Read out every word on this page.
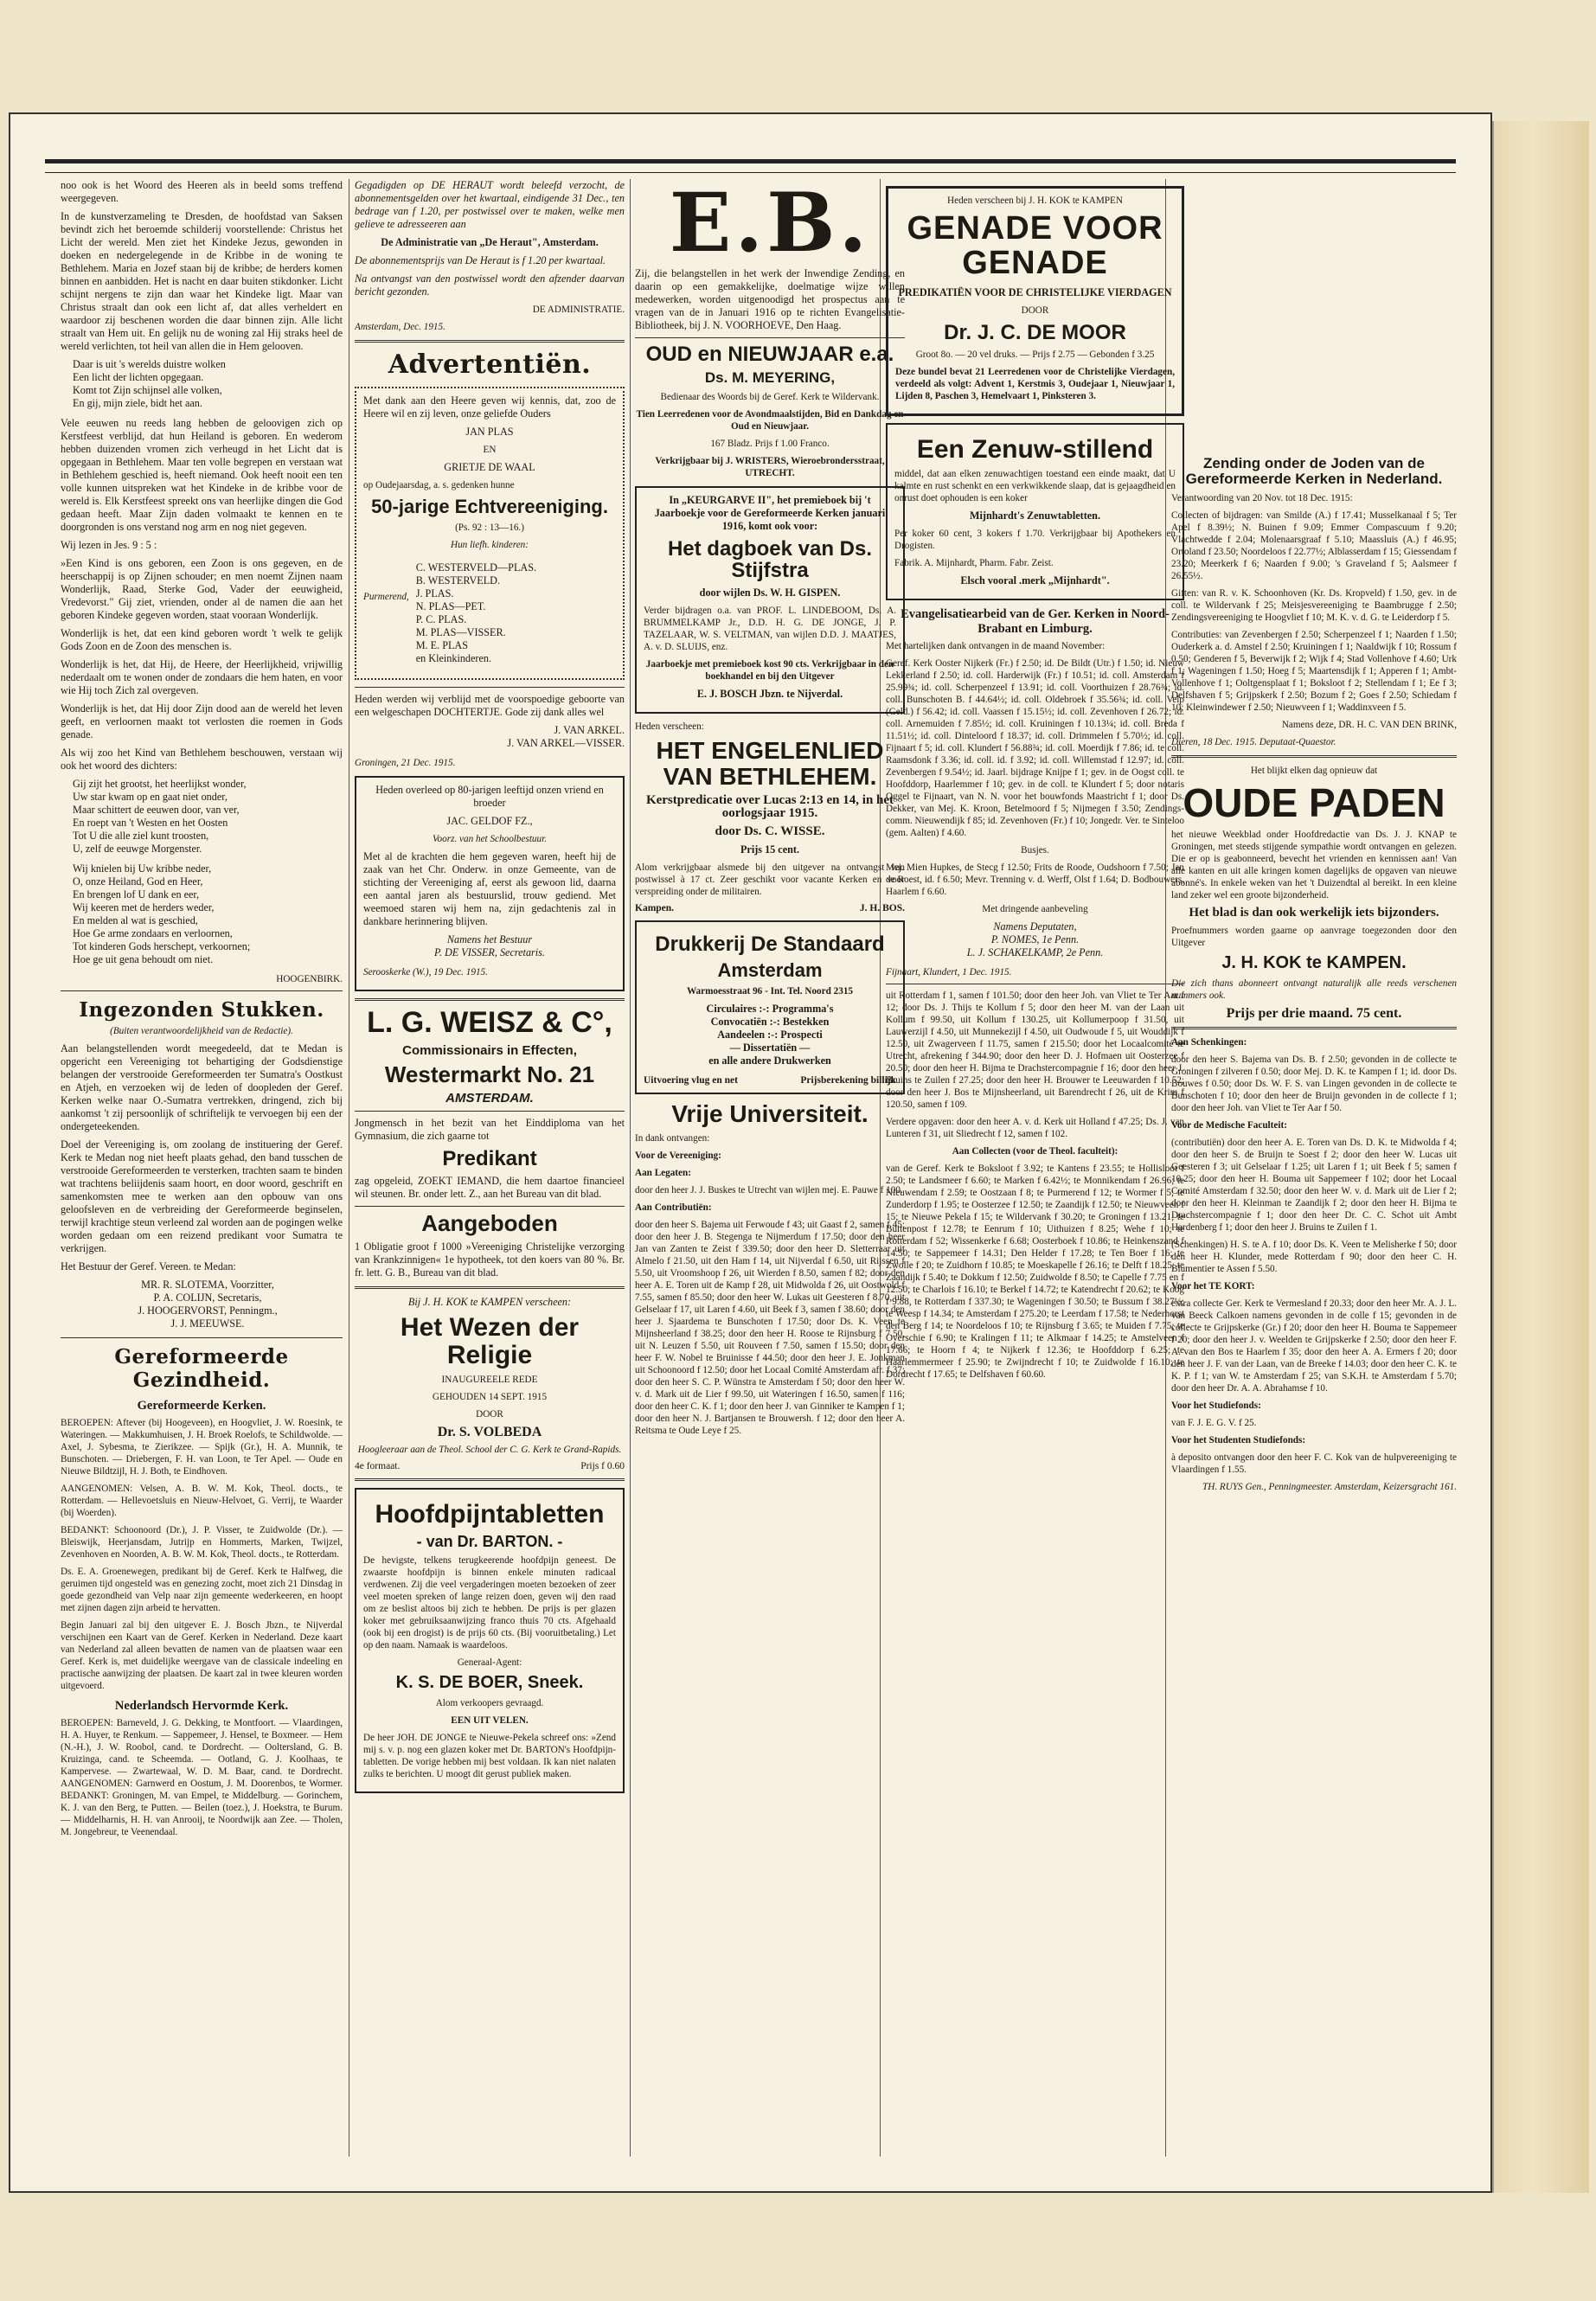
noo ook is het Woord des Heeren als in beeld soms treffend weergegeven.

In de kunstverzameling te Dresden, de hoofdstad van Saksen bevindt zich het beroemde schilderij voorstellende: Christus het Licht der wereld. Men ziet het Kindeke Jezus, gewonden in doeken en nedergelegende in de Kribbe in de woning te Bethlehem. Maria en Jozef staan bij de kribbe; de herders komen binnen en aanbidden. Het is nacht en daar buiten stikdonker. Licht schijnt nergens te zijn dan waar het Kindeke ligt. Maar van Christus straalt dan ook een licht af, dat alles verheldert en waardoor zij beschenen worden die daar binnen zijn. Alle licht straalt van Hem uit. En gelijk nu de woning zal Hij straks heel de wereld verlichten, tot heil van allen die in Hem gelooven.

Daar is uit 's werelds duistre wolken
Een licht der lichten opgegaan.
Komt tot Zijn schijnsel alle volken,
En gij, mijn ziele, bidt het aan.

Vele eeuwen nu reeds lang hebben de geloovigen zich op Kerstfeest verblijd, dat hun Heiland is geboren. En wederom hebben duizenden vromen zich verheugd in het Licht dat is opgegaan in Bethlehem. Maar ten volle begrepen en verstaan wat in Bethlehem geschied is, heeft niemand. Ook heeft nooit een ten volle kunnen uitspreken wat het Kindeke in de kribbe voor de wereld is. Elk Kerstfeest spreekt ons van heerlijke dingen die God gedaan heeft. Maar Zijn daden volmaakt te kennen en te doorgronden is ons verstand nog arm en nog niet gegeven.

Wij lezen in Jes. 9 : 5 :

»Een Kind is ons geboren, een Zoon is ons gegeven, en de heerschappij is op Zijnen schouder; en men noemt Zijnen naam Wonderlijk, Raad, Sterke God, Vader der eeuwigheid, Vredevorst." Gij ziet, vrienden, onder al de namen die aan het geboren Kindeke gegeven worden, staat vooraan Wonderlijk.

Wonderlijk is het, dat een kind geboren wordt 't welk te gelijk Gods Zoon en de Zoon des menschen is.

Wonderlijk is het, dat Hij, de Heere, der Heerlijkheid, vrijwillig nederdaalt om te wonen onder de zondaars die hem haten, en voor wie Hij toch Zich zal overgeven.

Wonderlijk is het, dat Hij door Zijn dood aan de wereld het leven geeft, en verloornen maakt tot verlosten die roemen in Gods genade.

Als wij zoo het Kind van Bethlehem beschouwen, verstaan wij ook het woord des dichters:

Gij zijt het grootst, het heerlijkst wonder,
Uw star kwam op en gaat niet onder,
Maar schittert de eeuwen door, van ver,
En roept van 't Westen en het Oosten
Tot U die alle ziel kunt troosten,
U, zelf de eeuwge Morgenster.
Wij knielen bij Uw kribbe neder,
O, onze Heiland, God en Heer,
En brengen lof U dank en eer,
Wij keeren met de herders weder,
En melden al wat is geschied,
Hoe Ge arme zondaars en verloornen,
Tot kinderen Gods herschept, verkoornen;
Hoe ge uit gena behoudt om niet.

HOOGENBIRK.

Ingezonden Stukken.

(Buiten verantwoordelijkheid van de Redactie).

Aan belangstellenden wordt meegedeeld, dat te Medan is opgericht een Vereeniging tot behartiging der Godsdienstige belangen der verstrooide Gereformeerden ter Sumatra's Oostkust en Atjeh, en verzoeken wij de leden of doopleden der Geref. Kerken welke naar O.-Sumatra vertrekken, dringend, zich bij aankomst 't zij persoonlijk of schriftelijk te vervoegen bij een der ondergeteekenden.

Doel der Vereeniging is, om zoolang de instituering der Geref. Kerk te Medan nog niet heeft plaats gehad, den band tusschen de verstrooide Gereformeerden te versterken, trachten saam te binden wat trachtens beliijdenis saam hoort, en door woord, geschrift en samenkomsten mee te werken aan den opbouw van ons geloofsleven en de verbreiding der Gereformeerde beginselen, terwijl krachtige steun verleend zal worden aan de pogingen welke worden gedaan om een reizend predikant voor Sumatra te verkrijgen.

Het Bestuur der Geref. Vereen. te Medan:

MR. R. SLOTEMA, Voorzitter,
P. A. COLIJN, Secretaris,
J. HOOGERVORST, Penningm.,
J. J. MEEUWSE.
Gereformeerde Gezindheid.
Gereformeerde Kerken.

BEROEPEN: Aftever (bij Hoogeveen), en Hoogvliet, J. W. Roesink, te Wateringen. — Makkumhuisen, J. H. Broek Roelofs, te Schildwolde. — Axel, J. Sybesma, te Zierikzee. — Spijk (Gr.), H. A. Munnik, te Bunschoten. — Driebergen, F. H. van Loon, te Ter Apel. — Oude en Nieuwe Bildtzijl, H. J. Both, te Eindhoven.

AANGENOMEN: Velsen, A. B. W. M. Kok, Theol. docts., te Rotterdam. — Hellevoetsluis en Nieuw-Helvoet, G. Verrij, te Waarder (bij Woerden).

BEDANKT: Schoonoord (Dr.), J. P. Visser, te Zuidwolde (Dr.). — Bleiswijk, Heerjansdam, Jutrijp en Hommerts, Marken, Twijzel, Zevenhoven en Noorden, A. B. W. M. Kok, Theol. docts., te Rotterdam.

Ds. E. A. Groenewegen, predikant bij de Geref. Kerk te Halfweg, die geruimen tijd ongesteld was en genezing zocht, moet zich 21 Dinsdag in goede gezondheid van Velp naar zijn gemeente wederkeeren, en hoopt met zijnen dagen zijn arbeid te hervatten.

Begin Januari zal bij den uitgever E. J. Bosch Jbzn., te Nijverdal verschijnen een Kaart van de Geref. Kerken in Nederland. Deze kaart van Nederland zal alleen bevatten de namen van de plaatsen waar een Geref. Kerk is, met duidelijke weergave van de classicale indeeling en practische aanwijzing der plaatsen. De kaart zal in twee kleuren worden uitgevoerd.

Nederlandsch Hervormde Kerk.

BEROEPEN: Barneveld, J. G. Dekking, te Montfoort. — Vlaardingen, H. A. Huyer, te Renkum. — Sappemeer, J. Hensel, te Boxmeer. — Hem (N.-H.), J. W. Roobol, cand. te Dordrecht. — Ooltersland, G. B. Kruizinga, cand. te Scheemda. — Ootland, G. J. Koolhaas, te Kampervese. — Zwartewaal, W. D. M. Baar, cand. te Dordrecht. AANGENOMEN: Garnwerd en Oostum, J. M. Doorenbos, te Wormer. BEDANKT: Groningen, M. van Empel, te Middelburg. — Gorinchem, K. J. van den Berg, te Putten. — Beilen (toez.), J. Hoekstra, te Burum. — Middelharnis, H. H. van Anrooij, te Noordwijk aan Zee. — Tholen, M. Jongebreur, te Veenendaal.

Gegadigden op DE HERAUT wordt beleefd verzocht, de abonnementsgelden over het kwartaal, eindigende 31 Dec., ten bedrage van f 1.20, per postwissel over te maken, welke men gelieve te adresseeren aan

De Administratie van „De Heraut", Amsterdam.

De abonnementsprijs van De Heraut is f 1.20 per kwartaal.

Na ontvangst van den postwissel wordt den afzender daarvan bericht gezonden.

DE ADMINISTRATIE.

Amsterdam, Dec. 1915.

Advertentiën.

Met dank aan den Heere geven wij kennis, dat, zoo de Heere wil en zij leven, onze geliefde Ouders

JAN PLAS

EN

GRIETJE DE WAAL

op Oudejaarsdag, a. s. gedenken hunne

50-jarige Echtvereeniging.

(Ps. 92 : 13—16.)

Hun liefh. kinderen:

Purmerend,
C. WESTERVELD—PLAS.
B. WESTERVELD.
J. PLAS.
N. PLAS—PET.
P. C. PLAS.
M. PLAS—VISSER.
M. E. PLAS
en Kleinkinderen.

Heden werden wij verblijd met de voorspoedige geboorte van een welgeschapen DOCHTERTJE. Gode zij dank alles wel

J. VAN ARKEL.
J. VAN ARKEL—VISSER.

Groningen, 21 Dec. 1915.

Heden overleed op 80-jarigen leeftijd onzen vriend en broeder

JAC. GELDOF FZ.,

Voorz. van het Schoolbestuur.

Met al de krachten die hem gegeven waren, heeft hij de zaak van het Chr. Onderw. in onze Gemeente, van de stichting der Vereeniging af, eerst als gewoon lid, daarna een aantal jaren als bestuurslid, trouw gediend. Met weemoed staren wij hem na, zijn gedachtenis zal in dankbare herinnering blijven.

Namens het Bestuur
P. DE VISSER, Secretaris.

Serooskerke (W.), 19 Dec. 1915.

L. G. WEISZ & C°,
Commissionairs in Effecten,
Westermarkt No. 21
AMSTERDAM.

Jongmensch in het bezit van het Einddiploma van het Gymnasium, die zich gaarne tot

Predikant

zag opgeleid, ZOEKT IEMAND, die hem daartoe financieel wil steunen. Br. onder lett. Z., aan het Bureau van dit blad.

Aangeboden

1 Obligatie groot f 1000 »Vereeniging Christelijke verzorging van Krankzinnigen« 1e hypotheek, tot den koers van 80 %. Br. fr. lett. G. B., Bureau van dit blad.

Bij J. H. KOK te KAMPEN verscheen:

Het Wezen der Religie

INAUGUREELE REDE

GEHOUDEN 14 SEPT. 1915

DOOR

Dr. S. VOLBEDA

Hoogleeraar aan de Theol. School der C. G. Kerk te Grand-Rapids.

4e formaat.	Prijs f 0.60
Hoofdpijntabletten
- van Dr. BARTON. -

De hevigste, telkens terugkeerende hoofdpijn geneest. De zwaarste hoofdpijn is binnen enkele minuten radicaal verdwenen. Zij die veel vergaderingen moeten bezoeken of zeer veel moeten spreken of lange reizen doen, geven wij den raad om ze beslist altoos bij zich te hebben. De prijs is per glazen koker met gebruiksaanwijzing franco thuis 70 cts. Afgehaald (ook bij een drogist) is de prijs 60 cts. (Bij vooruitbetaling.) Let op den naam. Namaak is waardeloos.

Generaal-Agent:

K. S. DE BOER, Sneek.

Alom verkoopers gevraagd.

EEN UIT VELEN.

De heer JOH. DE JONGE te Nieuwe-Pekela schreef ons: »Zend mij s. v. p. nog een glazen koker met Dr. BARTON's Hoofdpijn-tabletten. De vorige hebben mij best voldaan. Ik kan niet nalaten zulks te berichten. U moogt dit gerust publiek maken.

E.B.

Zij, die belangstellen in het werk der Inwendige Zending, en daarin op een gemakkelijke, doelmatige wijze willen medewerken, worden uitgenoodigd het prospectus aan te vragen van de in Januari 1916 op te richten Evangelisatie-Bibliotheek, bij J. N. VOORHOEVE, Den Haag.

OUD en NIEUWJAAR e.a.
Ds. M. MEYERING,

Bedienaar des Woords bij de Geref. Kerk te Wildervank.

Tien Leerredenen voor de Avondmaalstijden, Bid en Dankdag en Oud en Nieuwjaar.

167 Bladz. Prijs f 1.00 Franco.

Verkrijgbaar bij J. WRISTERS, Wieroebrondersstraat, UTRECHT.

In „KEURGARVE II", het premieboek bij 't Jaarboekje voor de Gereformeerde Kerken januari 1916, komt ook voor:

Het dagboek van Ds. Stijfstra

door wijlen Ds. W. H. GISPEN.

Verder bijdragen o.a. van PROF. L. LINDEBOOM, Ds. A. BRUMMELKAMP Jr., D.D. H. G. DE JONGE, J. P. TAZELAAR, W. S. VELTMAN, van wijlen D.D. J. MAATJES, A. v. D. SLUIJS, enz.

Jaarboekje met premieboek kost 90 cts. Verkrijgbaar in den boekhandel en bij den Uitgever

E. J. BOSCH Jbzn. te Nijverdal.

Heden verscheen:

HET ENGELENLIED VAN BETHLEHEM.

Kerstpredicatie over Lucas 2:13 en 14, in het oorlogsjaar 1915.

door Ds. C. WISSE.

Prijs 15 cent.

Alom verkrijgbaar alsmede bij den uitgever na ontvangst van postwissel à 17 ct. Zeer geschikt voor vacante Kerken en voor verspreiding onder de militairen.

Kampen.	J. H. BOS.
Drukkerij De Standaard
Amsterdam

Warmoesstraat 96 - Int. Tel. Noord 2315

Circulaires :-: Programma's
Convocatiën :-: Bestekken
Aandeelen :-: Prospecti
— Dissertatiën —
en alle andere Drukwerken
Uitvoering vlug en net	Prijsberekening billijk
Vrije Universiteit.

In dank ontvangen:

Voor de Vereeniging:

Aan Legaten:

door den heer J. J. Buskes te Utrecht van wijlen mej. E. Pauwe f 100.

Aan Contributiën:

door den heer S. Bajema uit Ferwoude f 43; uit Gaast f 2, samen f 45; door den heer J. B. Stegenga te Nijmerdum f 17.50; door den heer Jan van Zanten te Zeist f 339.50; door den heer D. Sletterraar uit Almelo f 21.50, uit den Ham f 14, uit Nijverdal f 6.50, uit Rijssen f 5.50, uit Vroomshoop f 26, uit Wierden f 8.50, samen f 82; door den heer A. E. Toren uit de Kamp f 28, uit Midwolda f 26, uit Oostwold f 7.55, samen f 85.50; door den heer W. Lukas uit Geesteren f 8.70, uit Gelselaar f 17, uit Laren f 4.60, uit Beek f 3, samen f 38.60; door den heer J. Sjaardema te Bunschoten f 17.50; door Ds. K. Veen te Mijnsheerland f 38.25; door den heer H. Roose te Rijnsburg f 7.50, uit N. Leuzen f 5.50, uit Rouveen f 7.50, samen f 15.50; door den heer F. W. Nobel te Bruinisse f 44.50; door den heer J. E. Jonkman uit Schoonoord f 12.50; door het Locaal Comité Amsterdam afr. f 37; door den heer S. C. P. Wünstra te Amsterdam f 50; door den heer W. v. d. Mark uit de Lier f 99.50, uit Wateringen f 16.50, samen f 116; door den heer C. K. f 1; door den heer J. van Ginniker te Kampen f 1; door den heer N. J. Bartjansen te Brouwersh. f 12; door den heer A. Reitsma te Oude Leye f 25.

Heden verscheen bij J. H. KOK te KAMPEN

GENADE VOOR GENADE

PREDIKATIËN VOOR DE CHRISTELIJKE VIERDAGEN

DOOR

Dr. J. C. DE MOOR

Groot 8o. — 20 vel druks. — Prijs f 2.75 — Gebonden f 3.25

Deze bundel bevat 21 Leerredenen voor de Christelijke Vierdagen, verdeeld als volgt: Advent 1, Kerstmis 3, Oudejaar 1, Nieuwjaar 1, Lijden 8, Paschen 3, Hemelvaart 1, Pinksteren 3.

Een Zenuw-stillend

middel, dat aan elken zenuwachtigen toestand een einde maakt, dat U kalmte en rust schenkt en een verkwikkende slaap, dat is gejaagdheid en onrust doet ophouden is een koker

Mijnhardt's Zenuwtabletten.

Per koker 60 cent, 3 kokers f 1.70. Verkrijgbaar bij Apothekers en Drogisten.

Fabrik. A. Mijnhardt, Pharm. Fabr. Zeist.

Elsch vooral .merk „Mijnhardt".

Evangelisatiearbeid van de Ger. Kerken in Noord-Brabant en Limburg.

Met hartelijken dank ontvangen in de maand November:

Geref. Kerk Ooster Nijkerk (Fr.) f 2.50; id. De Bildt (Utr.) f 1.50; id. Nieuw Lekkerland f 2.50; id. coll. Harderwijk (Fr.) f 10.51; id. coll. Amsterdam f 25.99¾; id. coll. Scherpenzeel f 13.91; id. coll. Voorthuizen f 28.76¾; id. coll. Bunschoten B. f 44.64½; id. coll. Oldebroek f 35.56¾; id. coll. Velp (Geld.) f 56.42; id. coll. Vaassen f 15.15½; id. coll. Zevenhoven f 26.72; id. coll. Arnemuiden f 7.85½; id. coll. Kruiningen f 10.13¼; id. coll. Breda f 11.51½; id. coll. Dinteloord f 18.37; id. coll. Drimmelen f 5.70½; id. coll. Fijnaart f 5; id. coll. Klundert f 56.88¾; id. coll. Moerdijk f 7.86; id. te coll. Raamsdonk f 3.36; id. coll. id. f 3.92; id. coll. Willemstad f 12.97; id. coll. Zevenbergen f 9.54½; id. Jaarl. bijdrage Knijpe f 1; gev. in de Oogst coll. te Hoofddorp, Haarlemmer f 10; gev. in de coll. te Klundert f 5; door notaris Oggel te Fijnaart, van N. N. voor het bouwfonds Maastricht f 1; door Ds. Dekker, van Mej. K. Kroon, Betelmoord f 5; Nijmegen f 3.50; Zendings-comm. Nieuwendijk f 85; id. Zevenhoven (Fr.) f 10; Jongedr. Ver. te Sinteloo (gem. Aalten) f 4.60.

Busjes.

Mej. Mien Hupkes, de Stecg f 12.50; Frits de Roode, Oudshoorn f 7.50; Jan de Roest, id. f 6.50; Mevr. Trenning v. d. Werff, Olst f 1.64; D. Bodbouwers, Haarlem f 6.60.

Met dringende aanbeveling

Namens Deputaten,
P. NOMES, 1e Penn.
L. J. SCHAKELKAMP, 2e Penn.

Fijnaart, Klundert, 1 Dec. 1915.

uit Rotterdam f 1, samen f 101.50; door den heer Joh. van Vliet te Ter Aar f 12; door Ds. J. Thijs te Kollum f 5; door den heer M. van der Laan uit Kollum f 99.50, uit Kollum f 130.25, uit Kollumerpoop f 31.50, uit Lauwerzijl f 4.50, uit Munnekezijl f 4.50, uit Oudwoude f 5, uit Wouddijk f 12.50, uit Zwagerveen f 11.75, samen f 215.50; door het Locaalcomité te Utrecht, afrekening f 344.90; door den heer D. J. Hofmaen uit Oosterzee f 20.50; door den heer H. Bijma te Drachstercompagnie f 16; door den heer J. Bruins te Zuilen f 27.25; door den heer H. Brouwer te Leeuwarden f 10.52; door den heer J. Bos te Mijnsheerland, uit Barendrecht f 26, uit de Krim f 120.50, samen f 109.

Verdere opgaven: door den heer A. v. d. Kerk uit Holland f 47.25; Ds. J. van Lunteren f 31, uit Sliedrecht f 12, samen f 102.

Aan Collecten (voor de Theol. faculteit):

van de Geref. Kerk te Boksloot f 3.92; te Kantens f 23.55; te Hollisloot f 2.50; te Landsmeer f 6.60; te Marken f 6.42½; te Monnikendam f 26.96; te Nieuwendam f 2.59; te Oostzaan f 8; te Purmerend f 12; te Wormer f 5; te Zunderdorp f 1.95; te Oosterzee f 12.50; te Zaandijk f 12.50; te Nieuwveen f 15; te Nieuwe Pekela f 15; te Wildervank f 30.20; te Groningen f 13.21; te Buitenpost f 12.78; te Eenrum f 10; Uithuizen f 8.25; Wehe f 10; te Rotterdam f 52; Wissenkerke f 6.68; Oosterboek f 10.86; te Heinkenszand f 14.50; te Sappemeer f 14.31; Den Helder f 17.28; te Ten Boer f 16; te Zwolle f 20; te Zuidhorn f 10.85; te Moeskapelle f 26.16; te Delft f 18.25; te Zaandijk f 5.40; te Dokkum f 12.50; Zuidwolde f 8.50; te Capelle f 7.75 en f 12.50; te Charlois f 16.10; te Berkel f 14.72; te Katendrecht f 20.62; te Koog f 9.88, te Rotterdam f 337.30; te Wageningen f 30.50; te Bussum f 38.27½; te Weesp f 14.34; te Amsterdam f 275.20; te Leerdam f 17.58; te Nederhorst den Berg f 14; te Noordeloos f 10; te Rijnsburg f 3.65; te Muiden f 7.75; te Overschie f 6.90; te Kralingen f 11; te Alkmaar f 14.25; te Amstelveen f 17.66; te Hoorn f 4; te Nijkerk f 12.36; te Hoofddorp f 6.25; te Haarlemmermeer f 25.90; te Zwijndrecht f 10; te Zuidwolde f 16.10; te Dordrecht f 17.65; te Delfshaven f 60.60.

Zending onder de Joden van de Gereformeerde Kerken in Nederland.

Verantwoording van 20 Nov. tot 18 Dec. 1915:

Collecten of bijdragen: van Smilde (A.) f 17.41; Musselkanaal f 5; Ter Apel f 8.39½; N. Buinen f 9.09; Emmer Compascuum f 9.20; Vlachtwedde f 2.04; Molenaarsgraaf f 5.10; Maassluis (A.) f 46.95; Ortoland f 23.50; Noordeloos f 22.77½; Alblasserdam f 15; Giessendam f 23.20; Meerkerk f 6; Naarden f 9.00; 's Graveland f 5; Aalsmeer f 26.55½.

Giften: van R. v. K. Schoonhoven (Kr. Ds. Kropveld) f 1.50, gev. in de coll. te Wildervank f 25; Meisjesvereeniging te Baambrugge f 2.50; Zendingsvereeniging te Hoogvliet f 10; M. K. v. d. G. te Leiderdorp f 5.

Contributies: van Zevenbergen f 2.50; Scherpenzeel f 1; Naarden f 1.50; Ouderkerk a. d. Amstel f 2.50; Kruiningen f 1; Naaldwijk f 10; Rossum f 0.50; Genderen f 5, Beverwijk f 2; Wijk f 4; Stad Vollenhove f 4.60; Urk f 1; Wageningen f 1.50; Hoeg f 5; Maartensdijk f 1; Apperen f 1; Ambt-Vollenhove f 1; Ooltgensplaat f 1; Boksloot f 2; Stellendam f 1; Ee f 3; Delfshaven f 5; Grijpskerk f 2.50; Bozum f 2; Goes f 2.50; Schiedam f 10; Kleinwindewer f 2.50; Nieuwveen f 1; Waddinxveen f 5.

Namens deze, DR. H. C. VAN DEN BRINK,

Dieren, 18 Dec. 1915. Deputaat-Quaestor.

Het blijkt elken dag opnieuw dat

OUDE PADEN

het nieuwe Weekblad onder Hoofdredactie van Ds. J. J. KNAP te Groningen, met steeds stijgende sympathie wordt ontvangen en gelezen. Die er op is geabonneerd, bevecht het vrienden en kennissen aan! Van alle kanten en uit alle kringen komen dagelijks de opgaven van nieuwe abonné's. In enkele weken van het 't Duizendtal al bereikt. In een kleine land zeker wel een groote bijzonderheid.

Het blad is dan ook werkelijk iets bijzonders.

Proefnummers worden gaarne op aanvrage toegezonden door den Uitgever

J. H. KOK te KAMPEN.

Die zich thans abonneert ontvangt naturalijk alle reeds verschenen nummers ook.

Prijs per drie maand. 75 cent.

Aan Schenkingen:

door den heer S. Bajema van Ds. B. f 2.50; gevonden in de collecte te Groningen f zilveren f 0.50; door Mej. D. K. te Kampen f 1; id. door Ds. Bouwes f 0.50; door Ds. W. F. S. van Lingen gevonden in de collecte te Bunschoten f 10; door den heer de Bruijn gevonden in de collecte f 1; door den heer Joh. van Vliet te Ter Aar f 50.

Voor de Medische Faculteit:

(contributiën) door den heer A. E. Toren van Ds. D. K. te Midwolda f 4; door den heer S. de Bruijn te Soest f 2; door den heer W. Lucas uit Geesteren f 3; uit Gelselaar f 1.25; uit Laren f 1; uit Beek f 5; samen f 10.25; door den heer H. Bouma uit Sappemeer f 102; door het Locaal Comité Amsterdam f 32.50; door den heer W. v. d. Mark uit de Lier f 2; door den heer H. Kleinman te Zaandijk f 2; door den heer H. Bijma te Drachstercompagnie f 1; door den heer Dr. C. C. Schot uit Ambt Hardenberg f 1; door den heer J. Bruins te Zuilen f 1.

(Schenkingen) H. S. te A. f 10; door Ds. K. Veen te Melisherke f 50; door den heer H. Klunder, mede Rotterdam f 90; door den heer C. H. Blumentier te Assen f 5.50.

Voor het TE KORT:

extra collecte Ger. Kerk te Vermesland f 20.33; door den heer Mr. A. J. L. van Beeck Calkoen namens gevonden in de colle f 15; gevonden in de collecte te Grijpskerke (Gr.) f 20; door den heer H. Bouma te Sappemeer f 20; door den heer J. v. Weelden te Grijpskerke f 2.50; door den heer F. A. van den Bos te Haarlem f 35; door den heer A. A. Ermers f 20; door den heer J. F. van der Laan, van de Breeke f 14.03; door den heer C. K. te K. P. f 1; van W. te Amsterdam f 25; van S.K.H. te Amsterdam f 5.70; door den heer Dr. A. A. Abrahamse f 10.

Voor het Studiefonds:

van F. J. E. G. V. f 25.

Voor het Studenten Studiefonds:

à deposito ontvangen door den heer F. C. Kok van de hulpvereeniging te Vlaardingen f 1.55.

TH. RUYS Gen., Penningmeester. Amsterdam, Keizersgracht 161.
